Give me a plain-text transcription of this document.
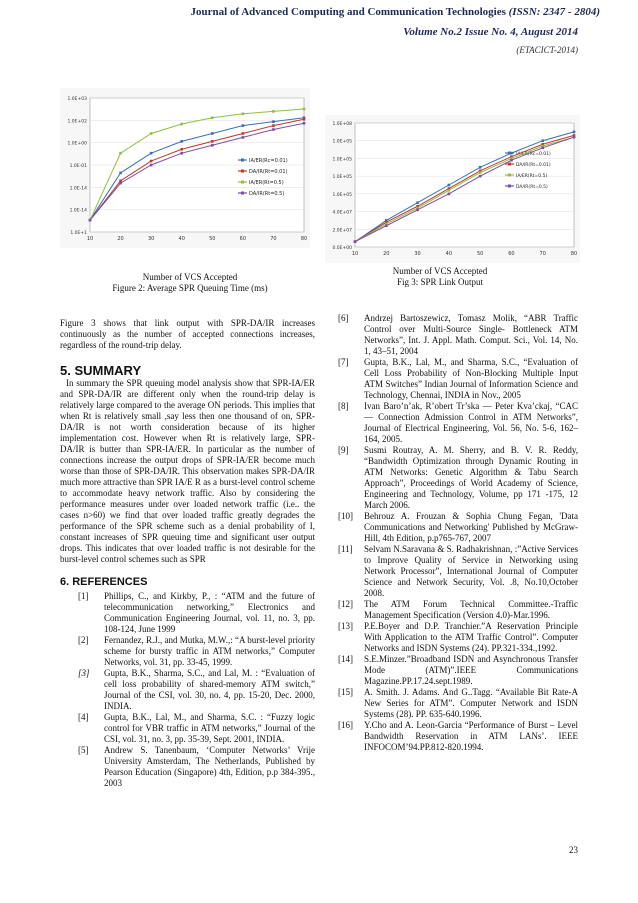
Journal of Advanced Computing and Communication Technologies (ISSN: 2347 - 2804)
Volume No.2 Issue No. 4, August 2014
(ETACICT-2014)
1.0E+03
1.0E+02
1.0E+00
1.0E-01
1.0E-14
1.0E-14
1.0E+1
10	20	30	40	50	60	70	80
IA/ER(Rc=0.01)
DA/IR(Rt=0.01)
IA/ER(Rt=0.5)
DA/IR(Rt=0.5)
Number of VCS Accepted
Figure 2: Average SPR Queuing Time (ms)
1.0E+08
1.0E+05
1.0E+05
1.0E+05
1.0E+05
4.0E+07
2.0E+07
0.0E+00
10	20	30	40	50	60	70	80
IA/ER(Rc=0.01)
DA/IR(Rt=0.01)
IA/ER(Rt=0.5)
DA/IR(Rt=0.5)
Number of VCS Accepted
Fig 3: SPR Link Output

Figure 3 shows that link output with SPR-DA/IR increases continuously as the number of accepted connections increases, regardless of the round-trip delay.

5. SUMMARY

In summary the SPR queuing model analysis show that SPR-IA/ER and SPR-DA/IR are different only when the round-trip delay is relatively large compared to the average ON periods. This implies that when Rt is relatively small ,say less then one thousand of on, SPR-DA/IR is not worth consideration because of its higher implementation cost. However when Rt is relatively large, SPR-DA/IR is butter than SPR-IA/ER. In particular as the number of connections increase the output drops of SPR-IA/ER become much worse than those of SPR-DA/IR. This observation makes SPR-DA/IR much more attractive than SPR IA/E R as a burst-level control scheme to accommodate heavy network traffic. Also by considering the performance measures under over loaded network traffic (i.e.. the cases n>60) we find that over loaded traffic greatly degrades the performance of the SPR scheme such as a denial probability of I, constant increases of SPR queuing time and significant user output drops. This indicates that over loaded traffic is not desirable for the burst-level control schemes such as SPR

6. REFERENCES

[1]	Phillips, C., and Kirkby, P., : “ATM and the future of telecommunication networking,” Electronics and Communication Engineering Journal, vol. 11, no. 3, pp. 108-124, June 1999
[2]	Fernandez, R.J., and Mutka, M.W.,: “A burst-level priority scheme for bursty traffic in ATM networks,” Computer Networks, vol. 31, pp. 33-45, 1999.
[3]	Gupta, B.K., Sharma, S.C., and Lal, M. : “Evaluation of cell loss probability of shared-memory ATM switch,” Journal of the CSI, vol. 30, no. 4, pp. 15-20, Dec. 2000, INDIA.
[4]	Gupta, B.K., Lal, M., and Sharma, S.C. : “Fuzzy logic control for VBR traffic in ATM networks,” Journal of the CSI, vol. 31, no. 3, pp. 35-39, Sept. 2001, INDIA.
[5]	Andrew S. Tanenbaum, ‘Computer Networks’ Vrije University Amsterdam, The Netherlands, Published by Pearson Education (Singapore) 4th, Edition, p.p 384-395., 2003
[6]	Andrzej Bartoszewicz, Tomasz Molik, “ABR Traffic Control over Multi-Source Single- Bottleneck ATM Networks”, Int. J. Appl. Math. Comput. Sci., Vol. 14, No. 1, 43–51, 2004
[7]	Gupta, B.K., Lal, M., and Sharma, S.C., “Evaluation of Cell Loss Probability of Non-Blocking Multiple Input ATM Switches” Indian Journal of Information Science and Technology, Chennai, INDIA in Nov., 2005
[8]	Ivan Baro’n’ak, R’obert Tr’ska — Peter Kva’ckaj, “CAC — Connection Admission Control in ATM Networks”, Journal of Electrical Engineering, Vol. 56, No. 5-6, 162–164, 2005.
[9]	Susmi Routray, A. M. Sherry, and B. V. R. Reddy, “Bandwidth Optimization through Dynamic Routing in ATM Networks: Genetic Algorithm & Tabu Search Approach”, Proceedings of World Academy of Science, Engineering and Technology, Volume, pp 171 -175, 12 March 2006.
[10]	Behrouz A. Frouzan & Sophia Chung Fegan, 'Data Communications and Networking' Published by McGraw-Hill, 4th Edition, p.p765-767, 2007
[11]	Selvam N.Saravana & S. Radhakrishnan, :”Active Services to Improve Quality of Service in Networking using Network Processor”, International Journal of Computer Science and Network Security, Vol. .8, No.10,October 2008.
[12]	The ATM Forum Technical Committee.-Traffic Management Specification (Version 4.0)-Mar.1996.
[13]	P.E.Boyer and D.P. Tranchier.”A Reservation Principle With Application to the ATM Traffic Control”. Computer Networks and ISDN Systems (24). PP.321-334.,1992.
[14]	S.E.Minzer.”Broadband ISDN and Asynchronous Transfer Mode (ATM)”.IEEE Communications Magazine.PP.17.24.sept.1989.
[15]	A. Smith. J. Adams. And G..Tagg. “Available Bit Rate-A New Series for ATM”. Computer Network and ISDN Systems (28). PP. 635-640.1996.
[16]	Y.Cho and A. Leon-Garcia “Performance of Burst – Level Bandwidth Reservation in ATM LANs’. IEEE INFOCOM’94.PP.812-820.1994.
23
